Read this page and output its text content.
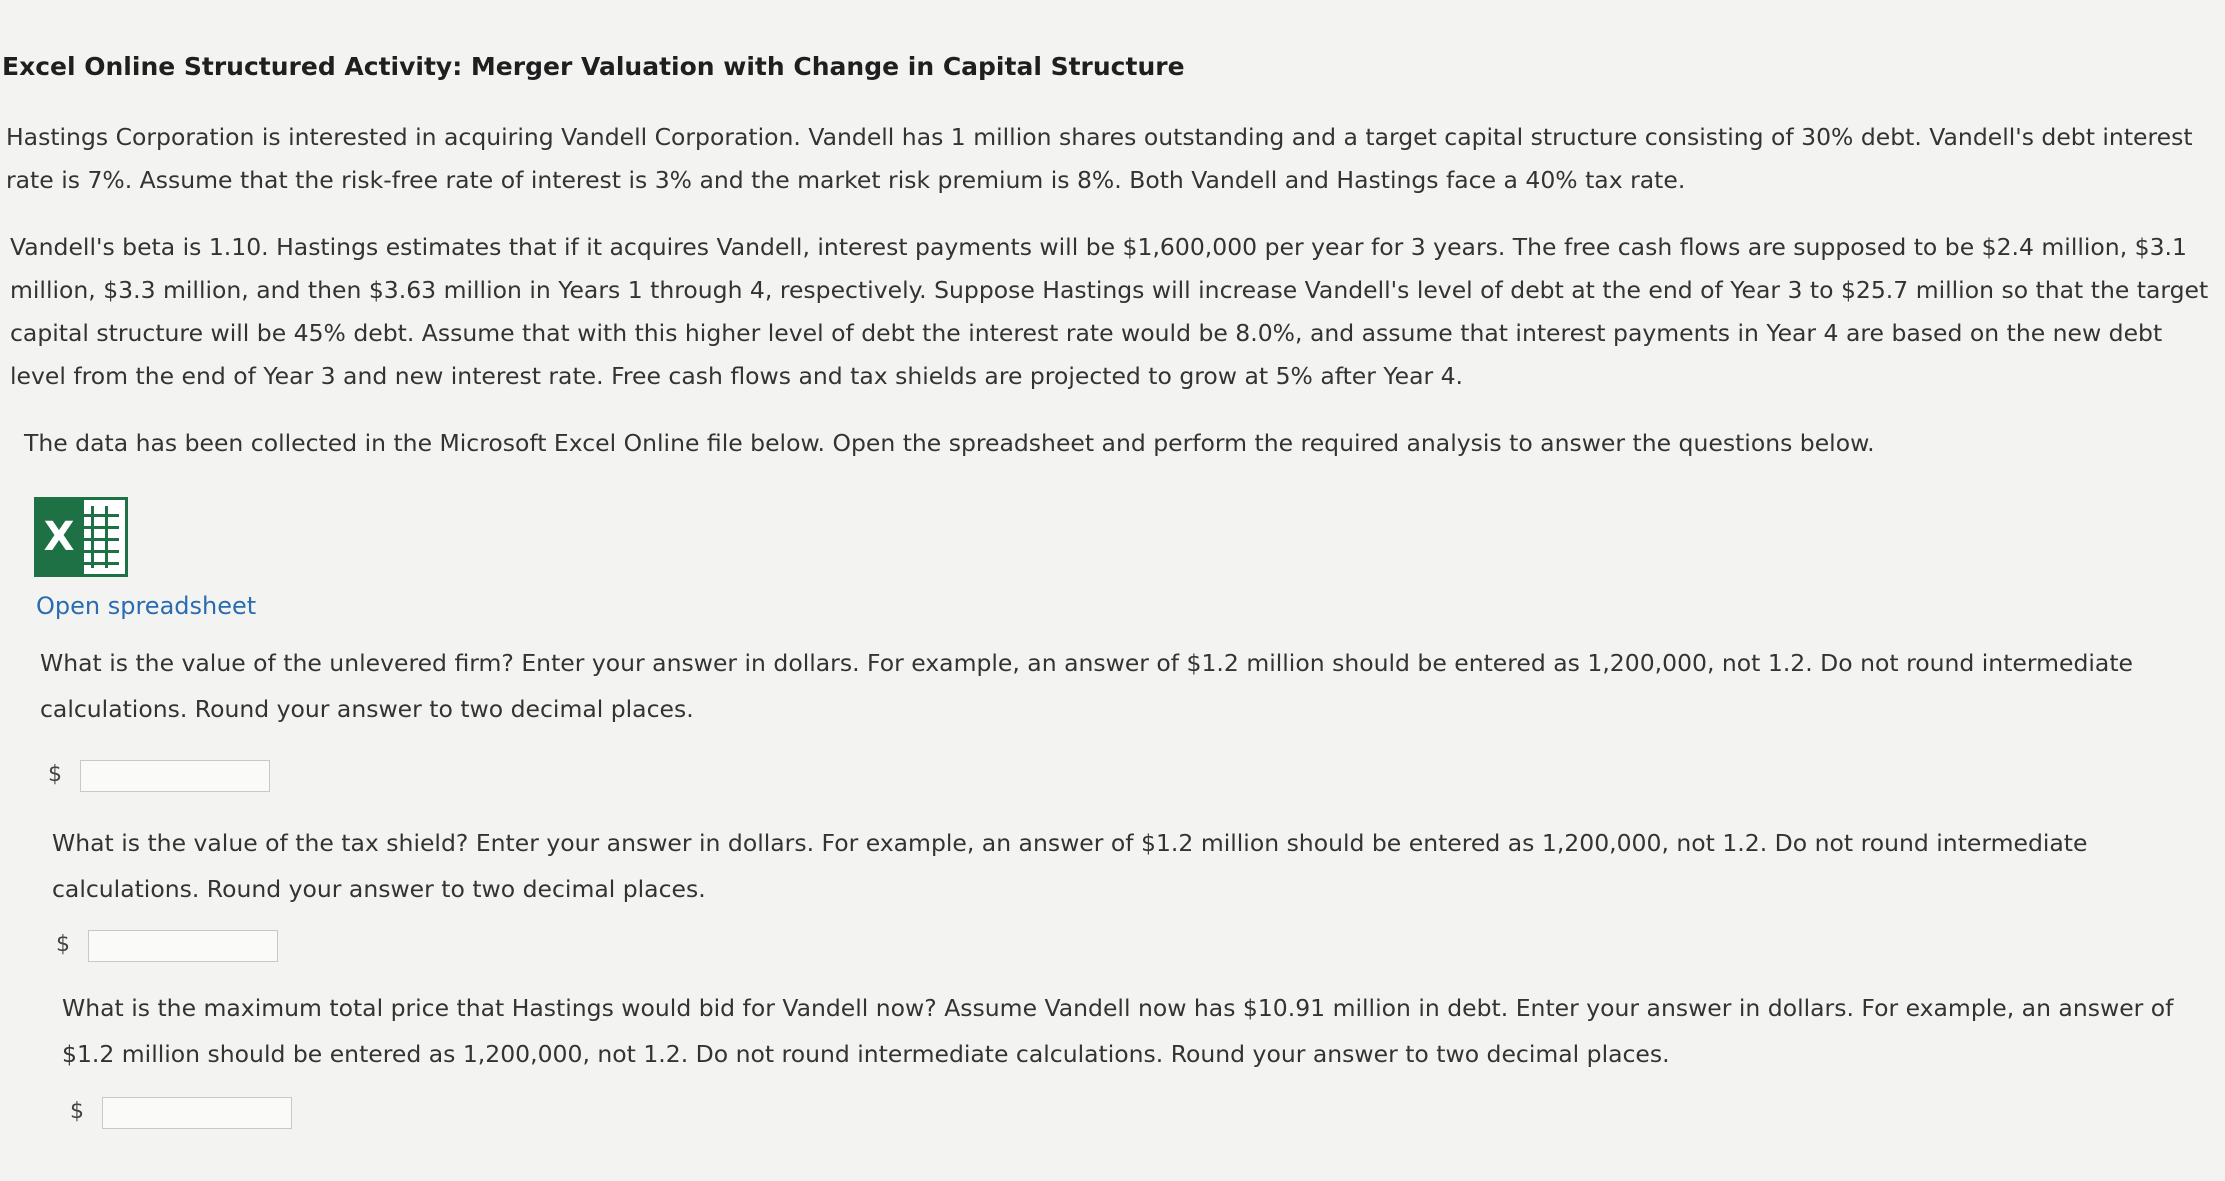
Excel Online Structured Activity: Merger Valuation with Change in Capital Structure
Hastings Corporation is interested in acquiring Vandell Corporation. Vandell has 1 million shares outstanding and a target capital structure consisting of 30% debt. Vandell's debt interest rate is 7%. Assume that the risk-free rate of interest is 3% and the market risk premium is 8%. Both Vandell and Hastings face a 40% tax rate.
Vandell's beta is 1.10. Hastings estimates that if it acquires Vandell, interest payments will be $1,600,000 per year for 3 years. The free cash flows are supposed to be $2.4 million, $3.1 million, $3.3 million, and then $3.63 million in Years 1 through 4, respectively. Suppose Hastings will increase Vandell's level of debt at the end of Year 3 to $25.7 million so that the target capital structure will be 45% debt. Assume that with this higher level of debt the interest rate would be 8.0%, and assume that interest payments in Year 4 are based on the new debt level from the end of Year 3 and new interest rate. Free cash flows and tax shields are projected to grow at 5% after Year 4.
The data has been collected in the Microsoft Excel Online file below. Open the spreadsheet and perform the required analysis to answer the questions below.
X
Open spreadsheet
What is the value of the unlevered firm? Enter your answer in dollars. For example, an answer of $1.2 million should be entered as 1,200,000, not 1.2. Do not round intermediate calculations. Round your answer to two decimal places.
$
What is the value of the tax shield? Enter your answer in dollars. For example, an answer of $1.2 million should be entered as 1,200,000, not 1.2. Do not round intermediate calculations. Round your answer to two decimal places.
$
What is the maximum total price that Hastings would bid for Vandell now? Assume Vandell now has $10.91 million in debt. Enter your answer in dollars. For example, an answer of $1.2 million should be entered as 1,200,000, not 1.2. Do not round intermediate calculations. Round your answer to two decimal places.
$
